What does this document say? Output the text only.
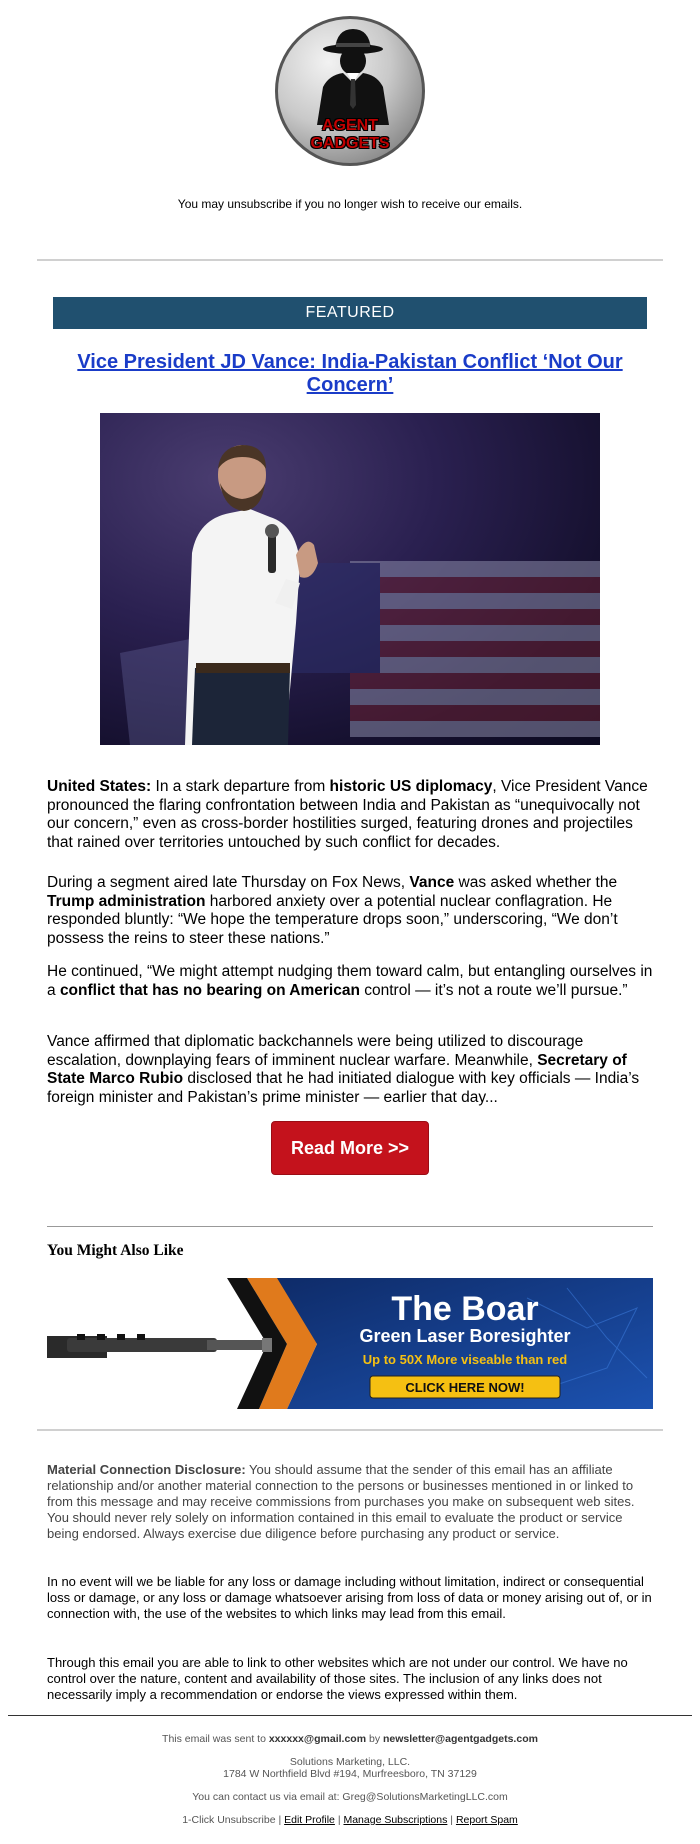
AGENT
GADGETS
You may unsubscribe if you no longer wish to receive our emails.
FEATURED
Vice President JD Vance: India-Pakistan Conflict ‘Not Our Concern’

United States: In a stark departure from historic US diplomacy, Vice President Vance pronounced the flaring confrontation between India and Pakistan as “unequivocally not our concern,” even as cross-border hostilities surged, featuring drones and projectiles that rained over territories untouched by such conflict for decades.

During a segment aired late Thursday on Fox News, Vance was asked whether the Trump administration harbored anxiety over a potential nuclear conflagration. He responded bluntly: “We hope the temperature drops soon,” underscoring, “We don’t possess the reins to steer these nations.”

He continued, “We might attempt nudging them toward calm, but entangling ourselves in a conflict that has no bearing on American control — it’s not a route we’ll pursue.”

Vance affirmed that diplomatic backchannels were being utilized to discourage escalation, downplaying fears of imminent nuclear warfare. Meanwhile, Secretary of State Marco Rubio disclosed that he had initiated dialogue with key officials — India’s foreign minister and Pakistan’s prime minister — earlier that day...

Read More >>
You Might Also Like
The Boar
Green Laser Boresighter
Up to 50X More viseable than red
CLICK HERE NOW!

Material Connection Disclosure: You should assume that the sender of this email has an affiliate relationship and/or another material connection to the persons or businesses mentioned in or linked to from this message and may receive commissions from purchases you make on subsequent web sites. You should never rely solely on information contained in this email to evaluate the product or service being endorsed. Always exercise due diligence before purchasing any product or service.

In no event will we be liable for any loss or damage including without limitation, indirect or consequential loss or damage, or any loss or damage whatsoever arising from loss of data or money arising out of, or in connection with, the use of the websites to which links may lead from this email.

Through this email you are able to link to other websites which are not under our control. We have no control over the nature, content and availability of those sites. The inclusion of any links does not necessarily imply a recommendation or endorse the views expressed within them.

This email was sent to xxxxxx@gmail.com by newsletter@agentgadgets.com
Solutions Marketing, LLC.
1784 W Northfield Blvd #194, Murfreesboro, TN 37129
You can contact us via email at: Greg@SolutionsMarketingLLC.com
1-Click Unsubscribe | Edit Profile | Manage Subscriptions | Report Spam
